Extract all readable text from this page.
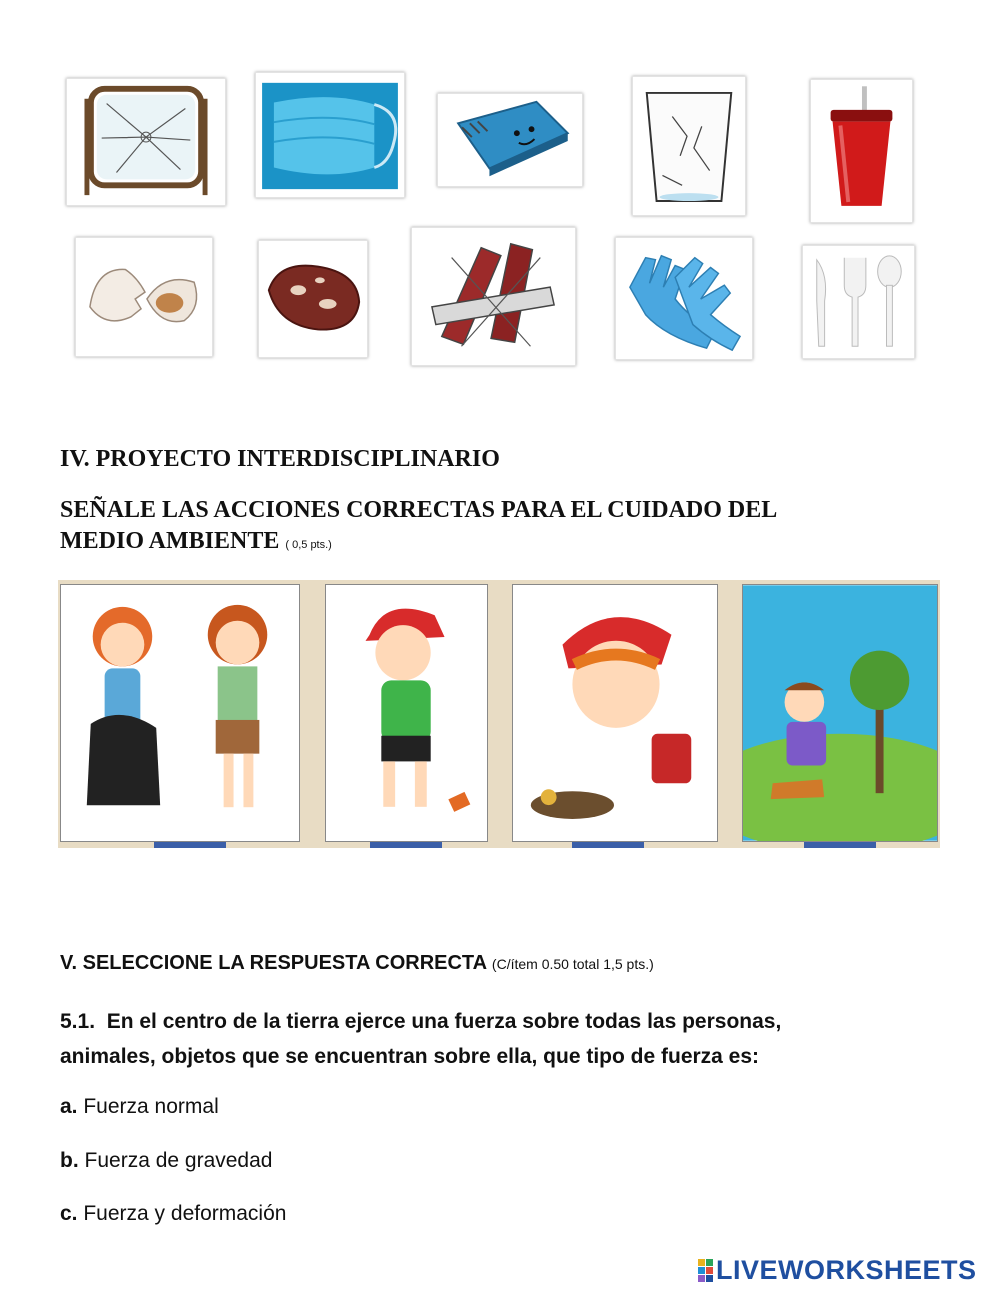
IV. PROYECTO INTERDISCIPLINARIO
SEÑALE LAS ACCIONES CORRECTAS PARA EL CUIDADO DEL
MEDIO AMBIENTE ( 0,5 pts.)
V. SELECCIONE LA RESPUESTA CORRECTA (C/ítem 0.50 total 1,5 pts.)
5.1. En el centro de la tierra ejerce una fuerza sobre todas las personas,
animales, objetos que se encuentran sobre ella, que tipo de fuerza es:
a. Fuerza normal
b. Fuerza de gravedad
c. Fuerza y deformación
LIVEWORKSHEETS
